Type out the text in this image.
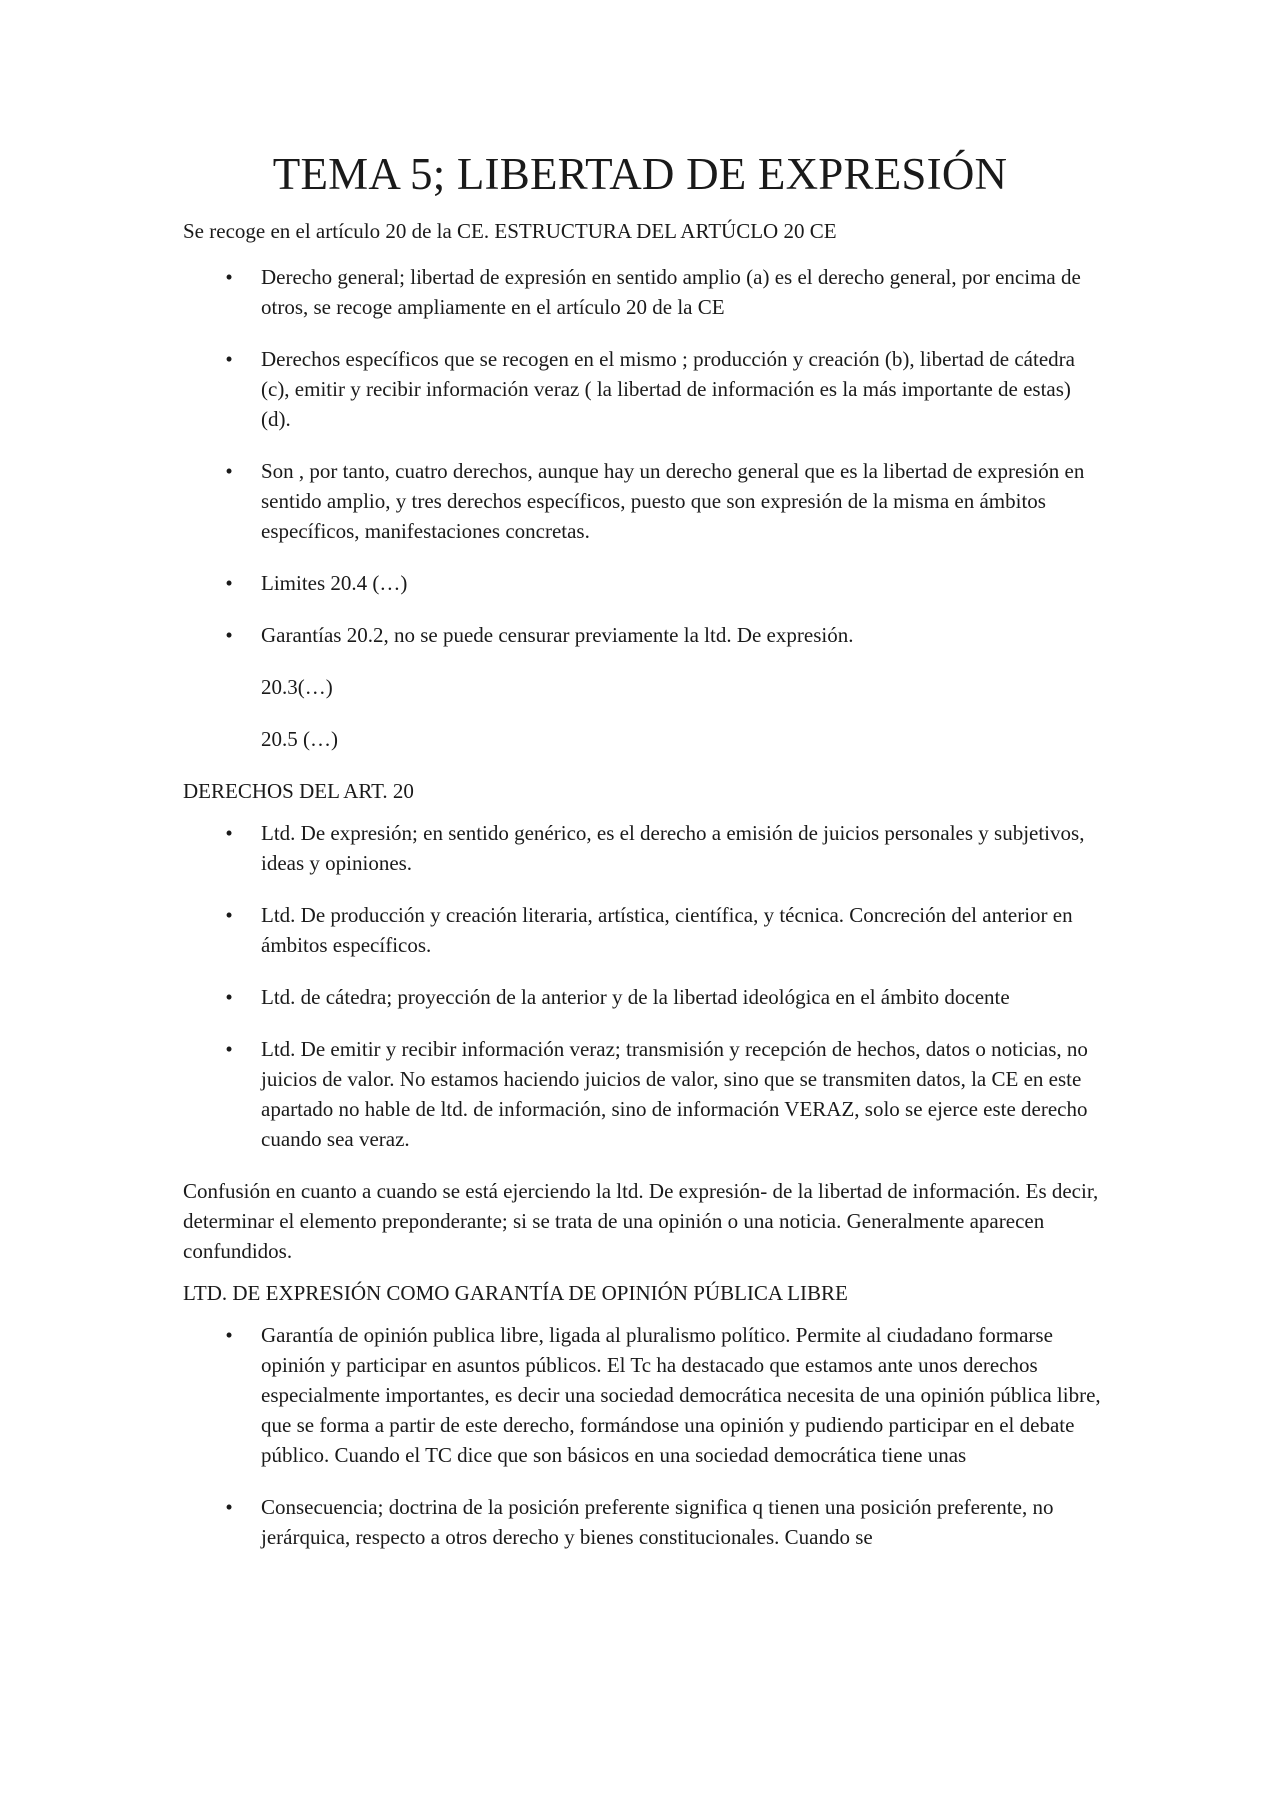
TEMA 5; LIBERTAD DE EXPRESIÓN

Se recoge en el artículo 20 de la CE. ESTRUCTURA DEL ARTÚCLO 20 CE

• Derecho general; libertad de expresión en sentido amplio (a) es el derecho general, por encima de otros, se recoge ampliamente en el artículo 20 de la CE
• Derechos específicos que se recogen en el mismo ; producción y creación (b), libertad de cátedra (c), emitir y recibir información veraz ( la libertad de información es la más importante de estas) (d).
• Son , por tanto, cuatro derechos, aunque hay un derecho general que es la libertad de expresión en sentido amplio, y tres derechos específicos, puesto que son expresión de la misma en ámbitos específicos, manifestaciones concretas.
• Limites 20.4 (…)
• Garantías 20.2, no se puede censurar previamente la ltd. De expresión.
20.3(…)
20.5 (…)

DERECHOS DEL ART. 20

• Ltd. De expresión; en sentido genérico, es el derecho a emisión de juicios personales y subjetivos, ideas y opiniones.
• Ltd. De producción y creación literaria, artística, científica, y técnica. Concreción del anterior en ámbitos específicos.
• Ltd. de cátedra; proyección de la anterior y de la libertad ideológica en el ámbito docente
• Ltd. De emitir y recibir información veraz; transmisión y recepción de hechos, datos o noticias, no juicios de valor. No estamos haciendo juicios de valor, sino que se transmiten datos, la CE en este apartado no hable de ltd. de información, sino de información VERAZ, solo se ejerce este derecho cuando sea veraz.

Confusión en cuanto a cuando se está ejerciendo la ltd. De expresión- de la libertad de información. Es decir, determinar el elemento preponderante; si se trata de una opinión o una noticia. Generalmente aparecen confundidos.

LTD. DE EXPRESIÓN COMO GARANTÍA DE OPINIÓN PÚBLICA LIBRE

• Garantía de opinión publica libre, ligada al pluralismo político. Permite al ciudadano formarse opinión y participar en asuntos públicos. El Tc ha destacado que estamos ante unos derechos especialmente importantes, es decir una sociedad democrática necesita de una opinión pública libre, que se forma a partir de este derecho, formándose una opinión y pudiendo participar en el debate público. Cuando el TC dice que son básicos en una sociedad democrática tiene unas
• Consecuencia; doctrina de la posición preferente significa q tienen una posición preferente, no jerárquica, respecto a otros derecho y bienes constitucionales. Cuando se
